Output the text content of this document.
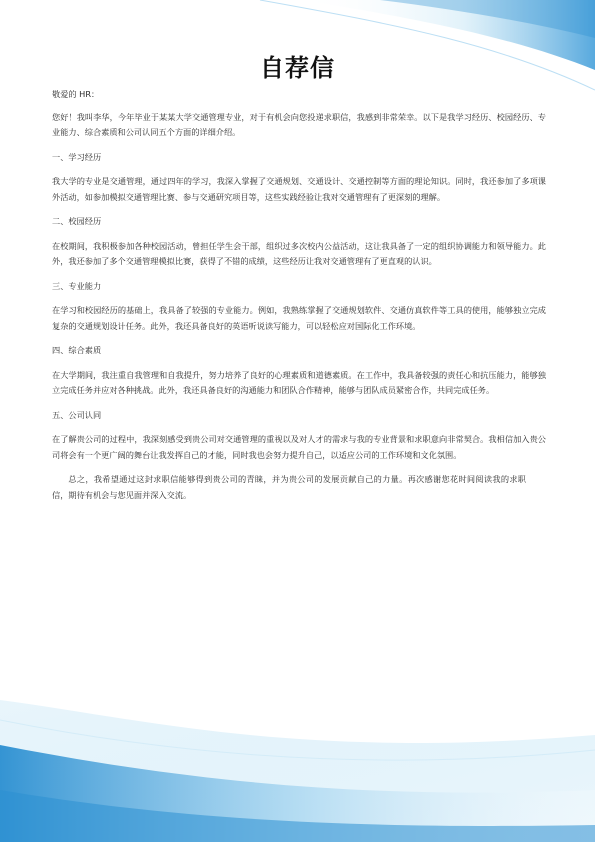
自荐信

敬爱的 HR：

您好！我叫李华，今年毕业于某某大学交通管理专业，对于有机会向您投递求职信，我感到非常荣幸。以下是我学习经历、校园经历、专业能力、综合素质和公司认同五个方面的详细介绍。

一、学习经历

我大学的专业是交通管理，通过四年的学习，我深入掌握了交通规划、交通设计、交通控制等方面的理论知识。同时，我还参加了多项课外活动，如参加模拟交通管理比赛、参与交通研究项目等，这些实践经验让我对交通管理有了更深刻的理解。

二、校园经历

在校期间，我积极参加各种校园活动，曾担任学生会干部，组织过多次校内公益活动，这让我具备了一定的组织协调能力和领导能力。此外，我还参加了多个交通管理模拟比赛，获得了不错的成绩，这些经历让我对交通管理有了更直观的认识。

三、专业能力

在学习和校园经历的基础上，我具备了较强的专业能力。例如，我熟练掌握了交通规划软件、交通仿真软件等工具的使用，能够独立完成复杂的交通规划设计任务。此外，我还具备良好的英语听说读写能力，可以轻松应对国际化工作环境。

四、综合素质

在大学期间，我注重自我管理和自我提升，努力培养了良好的心理素质和道德素质。在工作中，我具备较强的责任心和抗压能力，能够独立完成任务并应对各种挑战。此外，我还具备良好的沟通能力和团队合作精神，能够与团队成员紧密合作，共同完成任务。

五、公司认同

在了解贵公司的过程中，我深刻感受到贵公司对交通管理的重视以及对人才的需求与我的专业背景和求职意向非常契合。我相信加入贵公司将会有一个更广阔的舞台让我发挥自己的才能，同时我也会努力提升自己，以适应公司的工作环境和文化氛围。

总之，我希望通过这封求职信能够得到贵公司的青睐，并为贵公司的发展贡献自己的力量。再次感谢您花时间阅读我的求职信，期待有机会与您见面并深入交流。
